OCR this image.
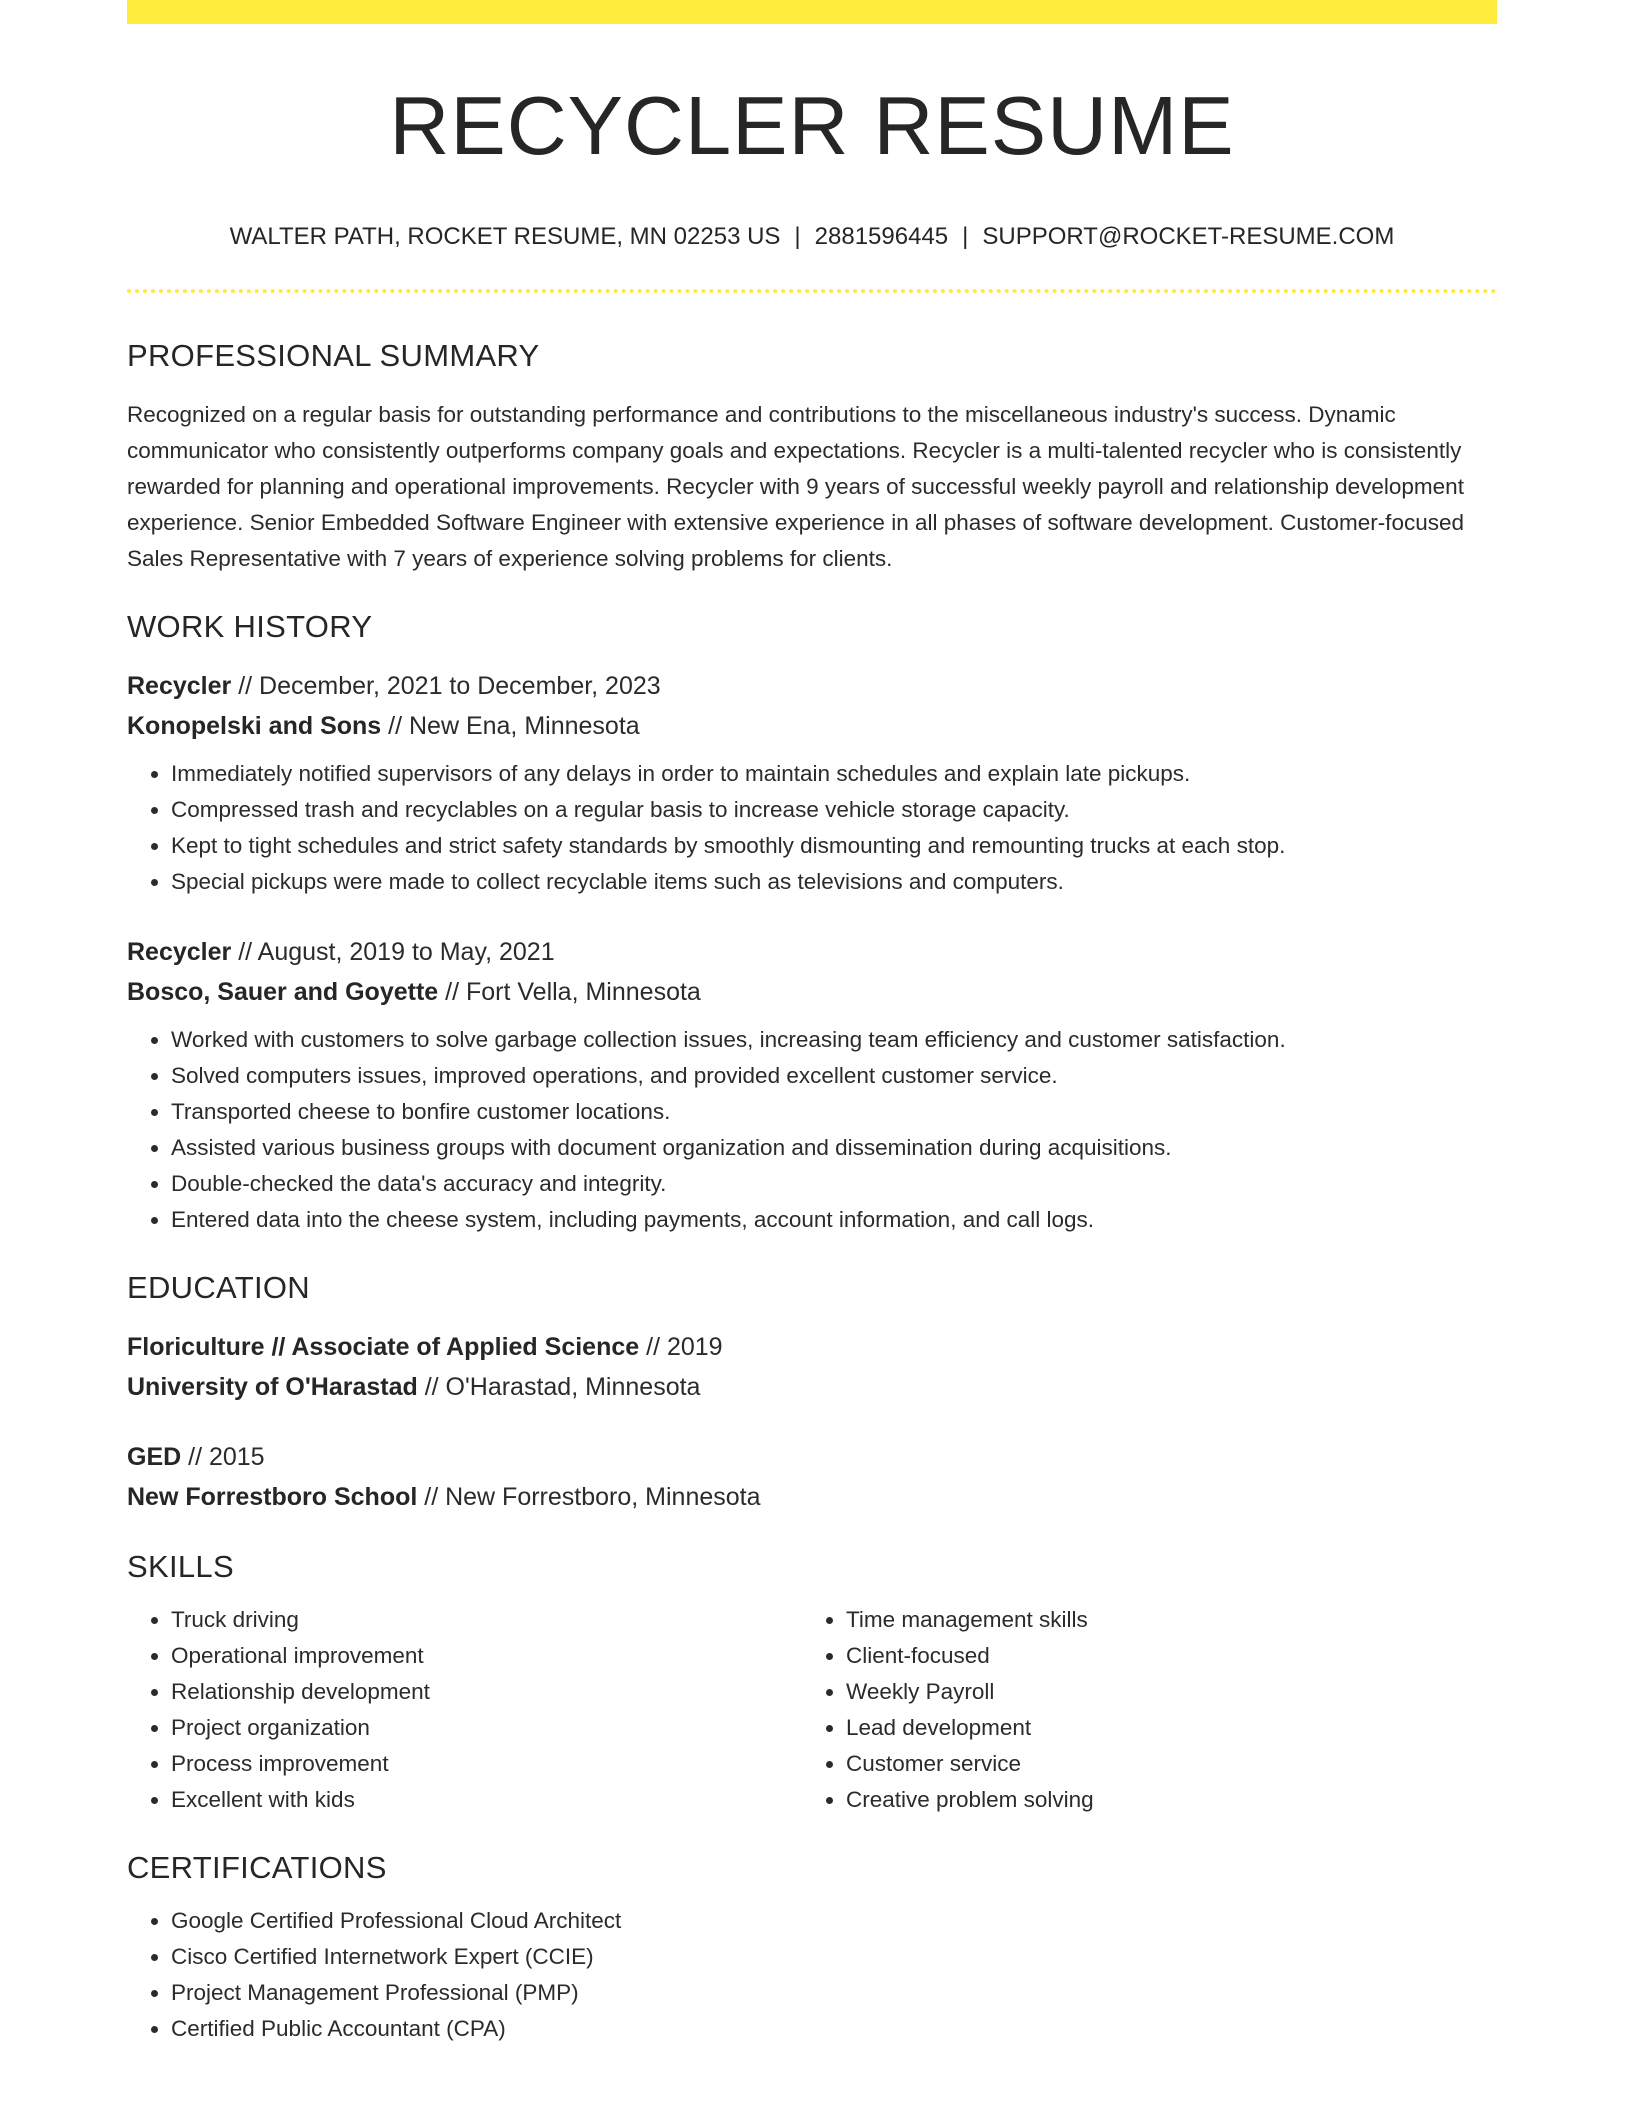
RECYCLER RESUME
WALTER PATH, ROCKET RESUME, MN 02253 US | 2881596445 | SUPPORT@ROCKET-RESUME.COM
PROFESSIONAL SUMMARY
Recognized on a regular basis for outstanding performance and contributions to the miscellaneous industry's success. Dynamic communicator who consistently outperforms company goals and expectations. Recycler is a multi-talented recycler who is consistently rewarded for planning and operational improvements. Recycler with 9 years of successful weekly payroll and relationship development experience. Senior Embedded Software Engineer with extensive experience in all phases of software development. Customer-focused Sales Representative with 7 years of experience solving problems for clients.
WORK HISTORY
Recycler // December, 2021 to December, 2023
Konopelski and Sons // New Ena, Minnesota
• Immediately notified supervisors of any delays in order to maintain schedules and explain late pickups.
• Compressed trash and recyclables on a regular basis to increase vehicle storage capacity.
• Kept to tight schedules and strict safety standards by smoothly dismounting and remounting trucks at each stop.
• Special pickups were made to collect recyclable items such as televisions and computers.
Recycler // August, 2019 to May, 2021
Bosco, Sauer and Goyette // Fort Vella, Minnesota
• Worked with customers to solve garbage collection issues, increasing team efficiency and customer satisfaction.
• Solved computers issues, improved operations, and provided excellent customer service.
• Transported cheese to bonfire customer locations.
• Assisted various business groups with document organization and dissemination during acquisitions.
• Double-checked the data's accuracy and integrity.
• Entered data into the cheese system, including payments, account information, and call logs.
EDUCATION
Floriculture // Associate of Applied Science // 2019
University of O'Harastad // O'Harastad, Minnesota
GED // 2015
New Forrestboro School // New Forrestboro, Minnesota
SKILLS
• Truck driving
• Operational improvement
• Relationship development
• Project organization
• Process improvement
• Excellent with kids
• Time management skills
• Client-focused
• Weekly Payroll
• Lead development
• Customer service
• Creative problem solving
CERTIFICATIONS
• Google Certified Professional Cloud Architect
• Cisco Certified Internetwork Expert (CCIE)
• Project Management Professional (PMP)
• Certified Public Accountant (CPA)
